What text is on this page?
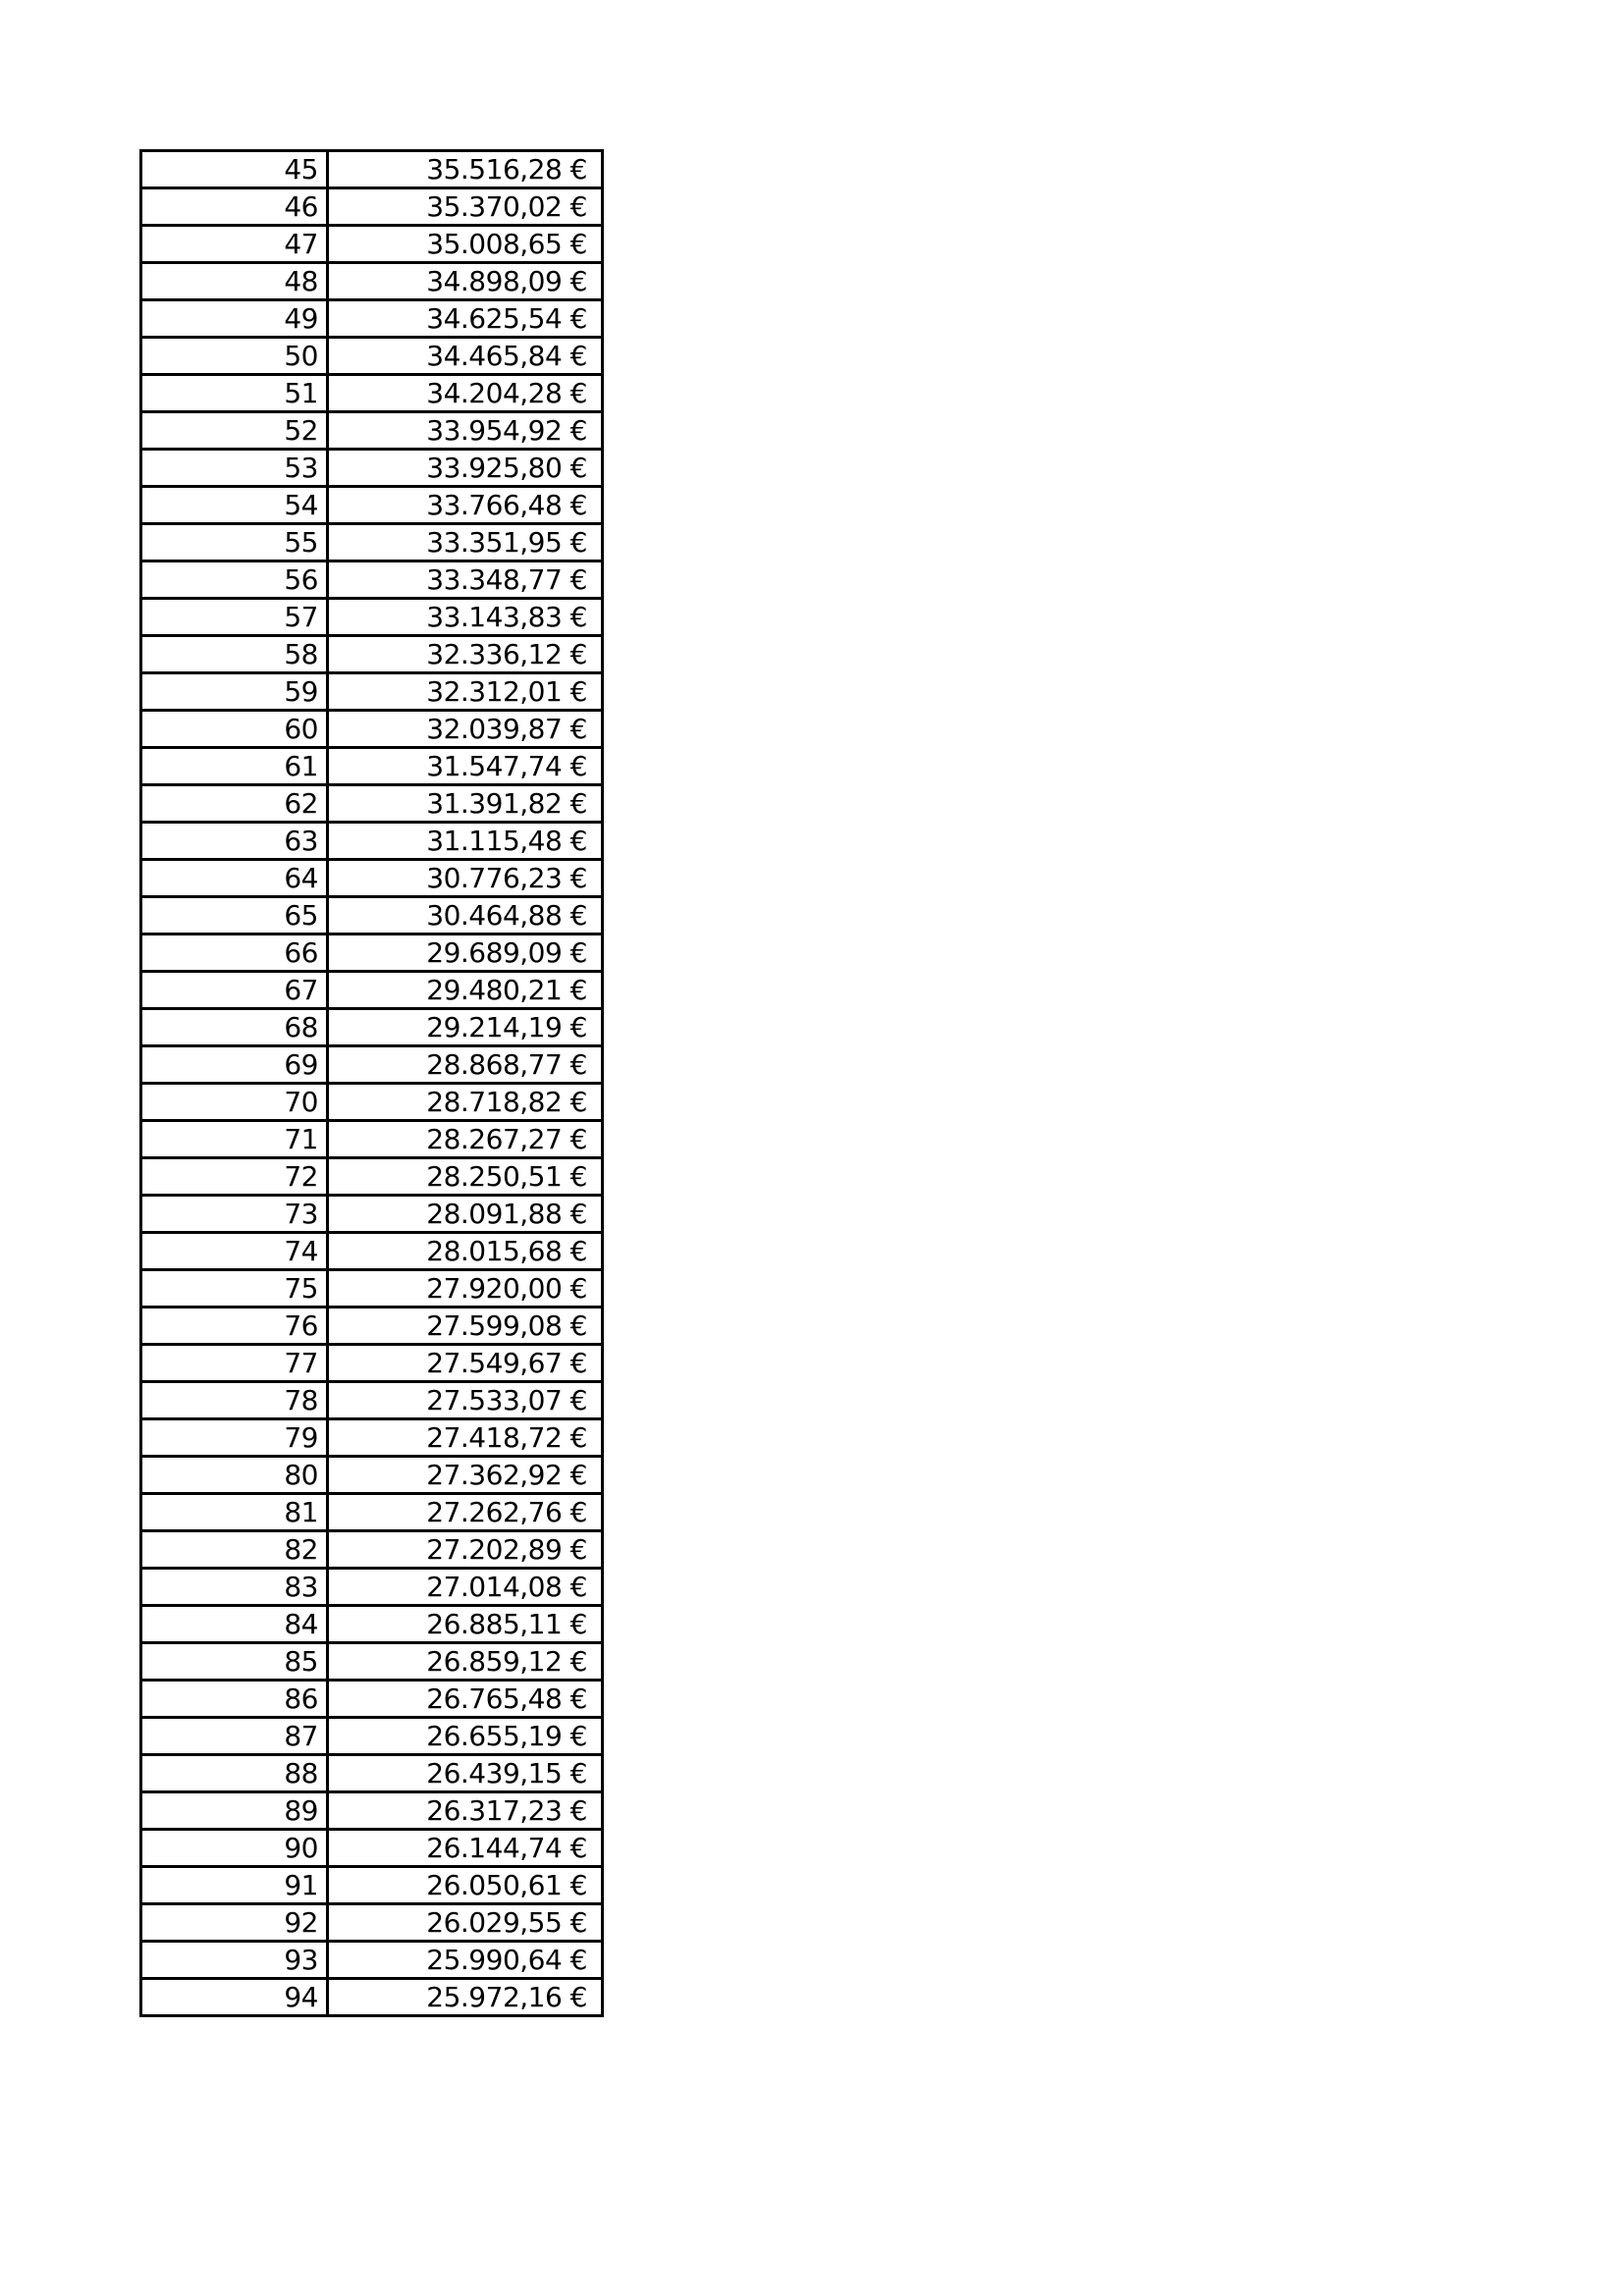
45	35.516,28 €
46	35.370,02 €
47	35.008,65 €
48	34.898,09 €
49	34.625,54 €
50	34.465,84 €
51	34.204,28 €
52	33.954,92 €
53	33.925,80 €
54	33.766,48 €
55	33.351,95 €
56	33.348,77 €
57	33.143,83 €
58	32.336,12 €
59	32.312,01 €
60	32.039,87 €
61	31.547,74 €
62	31.391,82 €
63	31.115,48 €
64	30.776,23 €
65	30.464,88 €
66	29.689,09 €
67	29.480,21 €
68	29.214,19 €
69	28.868,77 €
70	28.718,82 €
71	28.267,27 €
72	28.250,51 €
73	28.091,88 €
74	28.015,68 €
75	27.920,00 €
76	27.599,08 €
77	27.549,67 €
78	27.533,07 €
79	27.418,72 €
80	27.362,92 €
81	27.262,76 €
82	27.202,89 €
83	27.014,08 €
84	26.885,11 €
85	26.859,12 €
86	26.765,48 €
87	26.655,19 €
88	26.439,15 €
89	26.317,23 €
90	26.144,74 €
91	26.050,61 €
92	26.029,55 €
93	25.990,64 €
94	25.972,16 €
